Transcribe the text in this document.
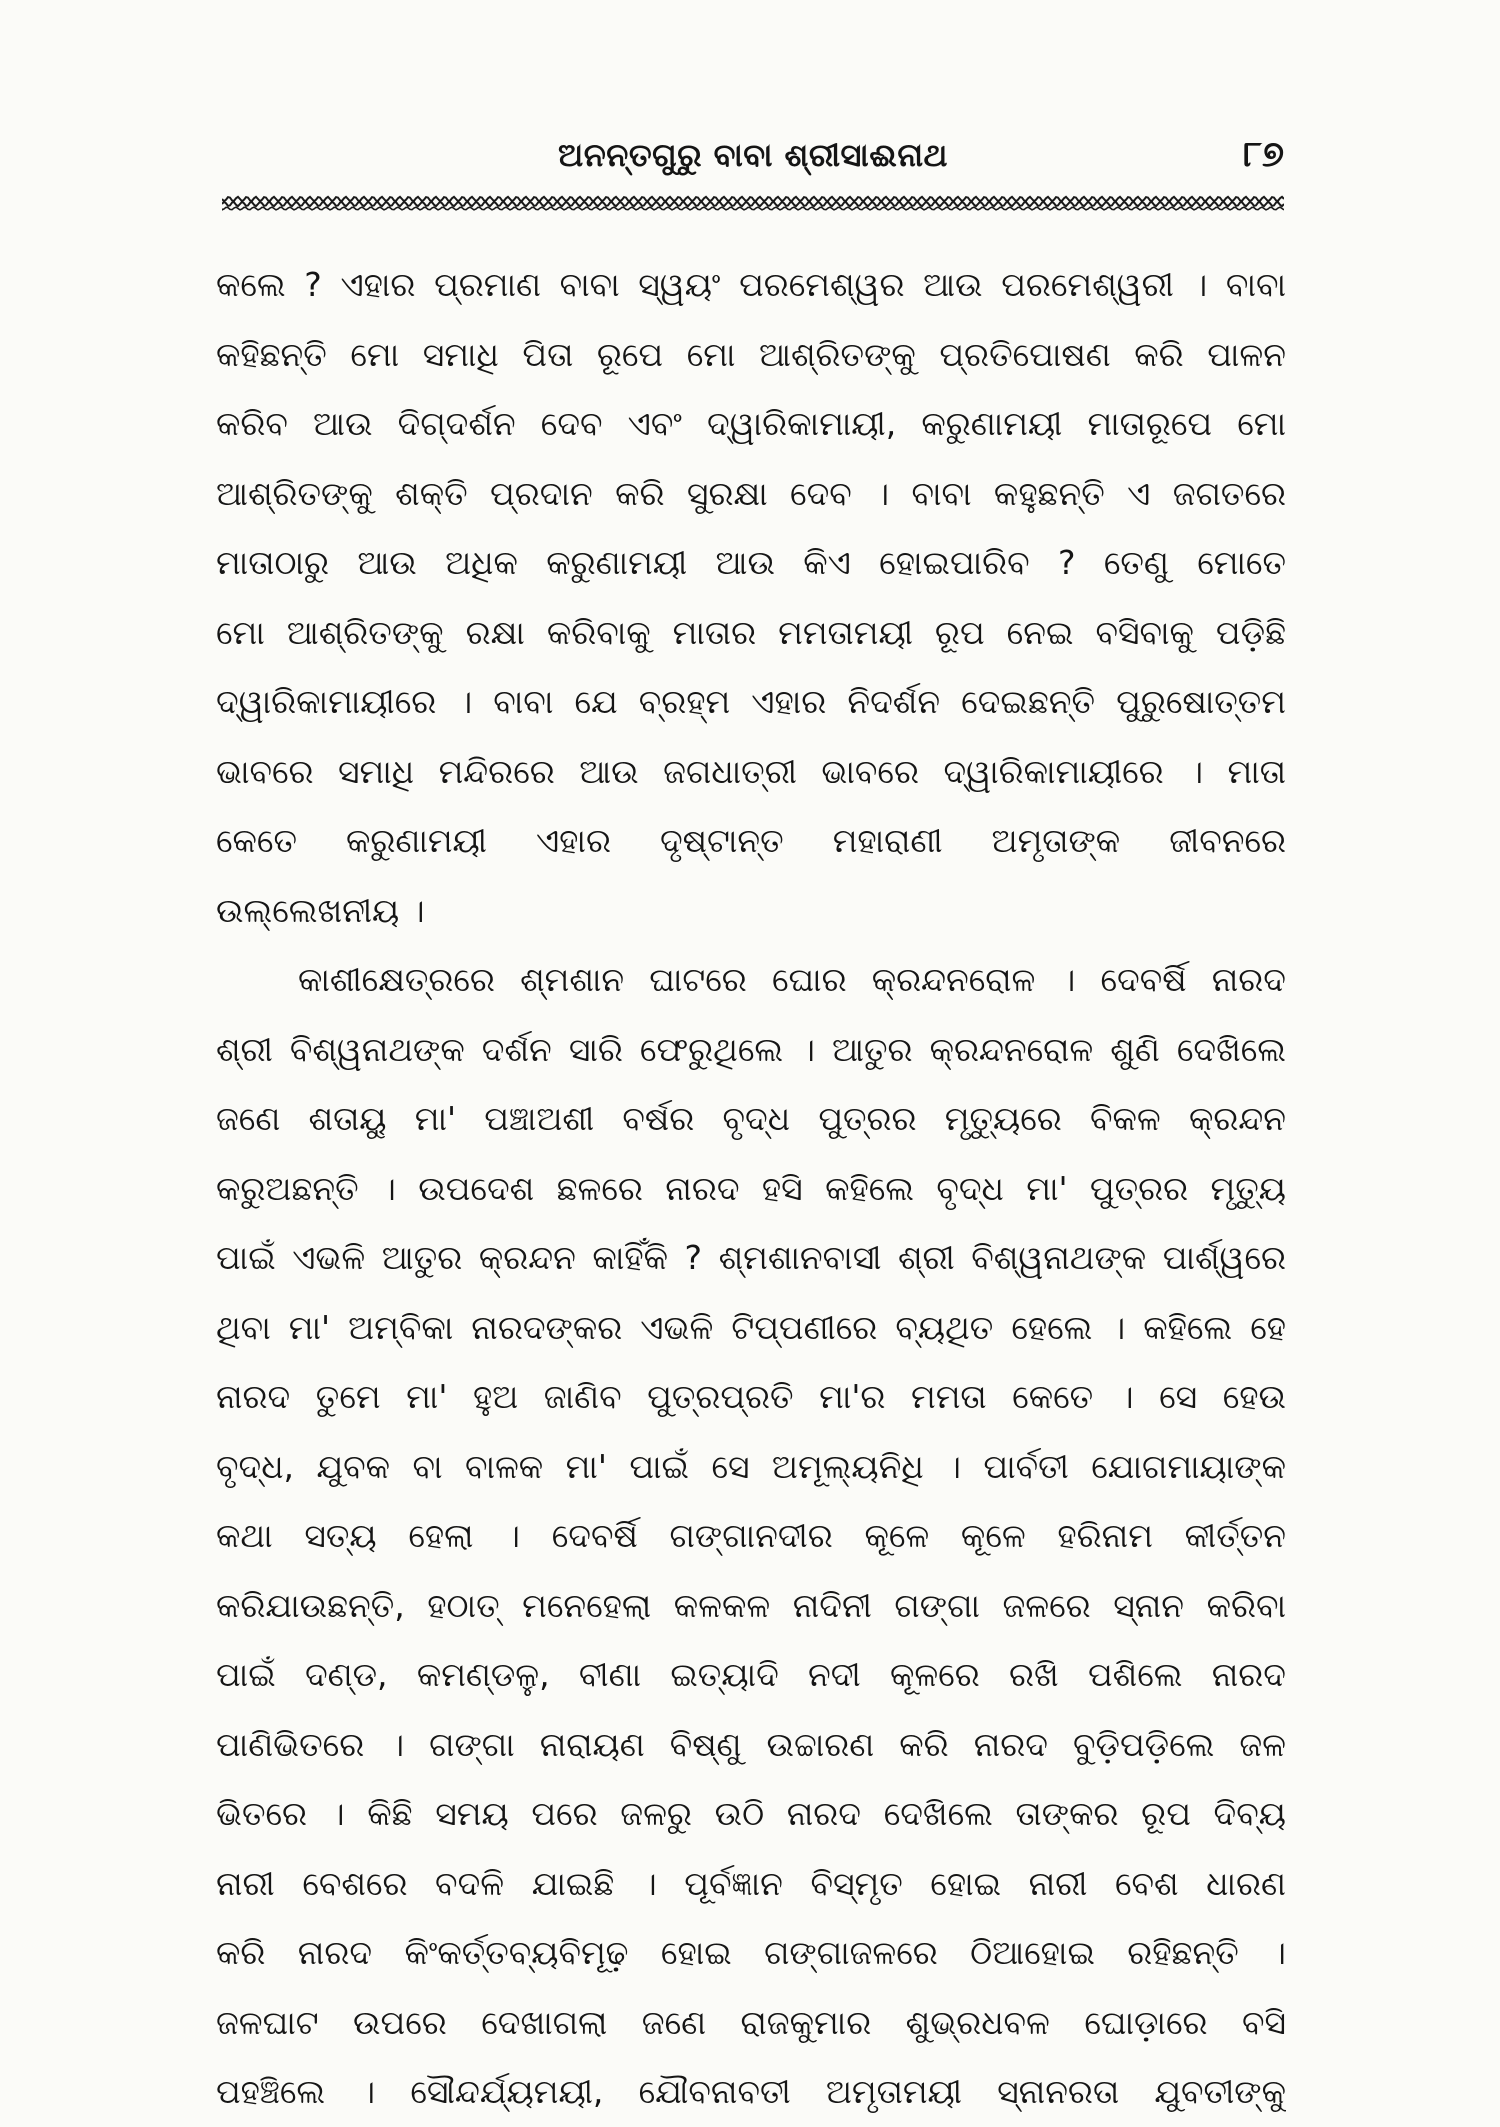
ଅନନ୍ତଗୁରୁ ବାବା ଶ୍ରୀସାଈନାଥ	୮୭
କଲେ ? ଏହାର ପ୍ରମାଣ ବାବା ସ୍ୱୟଂ ପରମେଶ୍ୱର ଆଉ ପରମେଶ୍ୱରୀ । ବାବା
କହିଛନ୍ତି ମୋ ସମାଧି ପିତା ରୂପେ ମୋ ଆଶ୍ରିତଙ୍କୁ ପ୍ରତିପୋଷଣ କରି ପାଳନ
କରିବ ଆଉ ଦିଗ୍‌ଦର୍ଶନ ଦେବ ଏବଂ ଦ୍ୱାରିକାମାୟୀ, କରୁଣାମୟୀ ମାତାରୂପେ ମୋ
ଆଶ୍ରିତଙ୍କୁ ଶକ୍ତି ପ୍ରଦାନ କରି ସୁରକ୍ଷା ଦେବ । ବାବା କହୁଛନ୍ତି ଏ ଜଗତରେ
ମାତାଠାରୁ ଆଉ ଅଧିକ କରୁଣାମୟୀ ଆଉ କିଏ ହୋଇପାରିବ ? ତେଣୁ ମୋତେ
ମୋ ଆଶ୍ରିତଙ୍କୁ ରକ୍ଷା କରିବାକୁ ମାତାର ମମତାମୟୀ ରୂପ ନେଇ ବସିବାକୁ ପଡ଼ିଛି
ଦ୍ୱାରିକାମାୟୀରେ । ବାବା ଯେ ବ୍ରହ୍ମ ଏହାର ନିଦର୍ଶନ ଦେଇଛନ୍ତି ପୁରୁଷୋତ୍ତମ
ଭାବରେ ସମାଧି ମନ୍ଦିରରେ ଆଉ ଜଗଧାତ୍ରୀ ଭାବରେ ଦ୍ୱାରିକାମାୟୀରେ । ମାତା
କେତେ କରୁଣାମୟୀ ଏହାର ଦୃଷ୍ଟାନ୍ତ ମହାରାଣୀ ଅମୃତାଙ୍କ ଜୀବନରେ
ଉଲ୍ଲେଖନୀୟ ।
କାଶୀକ୍ଷେତ୍ରରେ ଶ୍ମଶାନ ଘାଟରେ ଘୋର କ୍ରନ୍ଦନରୋଳ । ଦେବର୍ଷି ନାରଦ
ଶ୍ରୀ ବିଶ୍ୱନାଥଙ୍କ ଦର୍ଶନ ସାରି ଫେରୁଥିଲେ । ଆତୁର କ୍ରନ୍ଦନରୋଳ ଶୁଣି ଦେଖିଲେ
ଜଣେ ଶତାୟୁ ମା' ପଞ୍ଚାଅଶୀ ବର୍ଷର ବୃଦ୍ଧ ପୁତ୍ରର ମୃତ୍ୟୁରେ ବିକଳ କ୍ରନ୍ଦନ
କରୁଅଛନ୍ତି । ଉପଦେଶ ଛଳରେ ନାରଦ ହସି କହିଲେ ବୃଦ୍ଧ ମା' ପୁତ୍ରର ମୃତ୍ୟୁ
ପାଇଁ ଏଭଳି ଆତୁର କ୍ରନ୍ଦନ କାହିଁକି ? ଶ୍ମଶାନବାସୀ ଶ୍ରୀ ବିଶ୍ୱନାଥଙ୍କ ପାର୍ଶ୍ୱରେ
ଥିବା ମା' ଅମ୍ବିକା ନାରଦଙ୍କର ଏଭଳି ଟିପ୍ପଣୀରେ ବ୍ୟଥିତ ହେଲେ । କହିଲେ ହେ
ନାରଦ ତୁମେ ମା' ହୁଅ ଜାଣିବ ପୁତ୍ରପ୍ରତି ମା'ର ମମତା କେତେ । ସେ ହେଉ
ବୃଦ୍ଧ, ଯୁବକ ବା ବାଳକ ମା' ପାଇଁ ସେ ଅମୂଲ୍ୟନିଧି । ପାର୍ବତୀ ଯୋଗମାୟାଙ୍କ
କଥା ସତ୍ୟ ହେଲା । ଦେବର୍ଷି ଗଙ୍ଗାନଦୀର କୂଳେ କୂଳେ ହରିନାମ କୀର୍ତ୍ତନ
କରିଯାଉଛନ୍ତି, ହଠାତ୍ ମନେହେଲା କଳକଳ ନାଦିନୀ ଗଙ୍ଗା ଜଳରେ ସ୍ନାନ କରିବା
ପାଇଁ ଦଣ୍ଡ, କମଣ୍ଡଳୁ, ବୀଣା ଇତ୍ୟାଦି ନଦୀ କୂଳରେ ରଖି ପଶିଲେ ନାରଦ
ପାଣିଭିତରେ । ଗଙ୍ଗା ନାରାୟଣ ବିଷ୍ଣୁ ଉଚ୍ଚାରଣ କରି ନାରଦ ବୁଡ଼ିପଡ଼ିଲେ ଜଳ
ଭିତରେ । କିଛି ସମୟ ପରେ ଜଳରୁ ଉଠି ନାରଦ ଦେଖିଲେ ତାଙ୍କର ରୂପ ଦିବ୍ୟ
ନାରୀ ବେଶରେ ବଦଳି ଯାଇଛି । ପୂର୍ବଜ୍ଞାନ ବିସ୍ମୃତ ହୋଇ ନାରୀ ବେଶ ଧାରଣ
କରି ନାରଦ କିଂକର୍ତ୍ତବ୍ୟବିମୂଢ଼ ହୋଇ ଗଙ୍ଗାଜଳରେ ଠିଆହୋଇ ରହିଛନ୍ତି ।
ଜଳଘାଟ ଉପରେ ଦେଖାଗଲା ଜଣେ ରାଜକୁମାର ଶୁଭ୍ରଧବଳ ଘୋଡ଼ାରେ ବସି
ପହଞ୍ଚିଲେ । ସୌନ୍ଦର୍ଯ୍ୟମୟୀ, ଯୌବନାବତୀ ଅମୃତାମୟୀ ସ୍ନାନରତା ଯୁବତୀଙ୍କୁ
